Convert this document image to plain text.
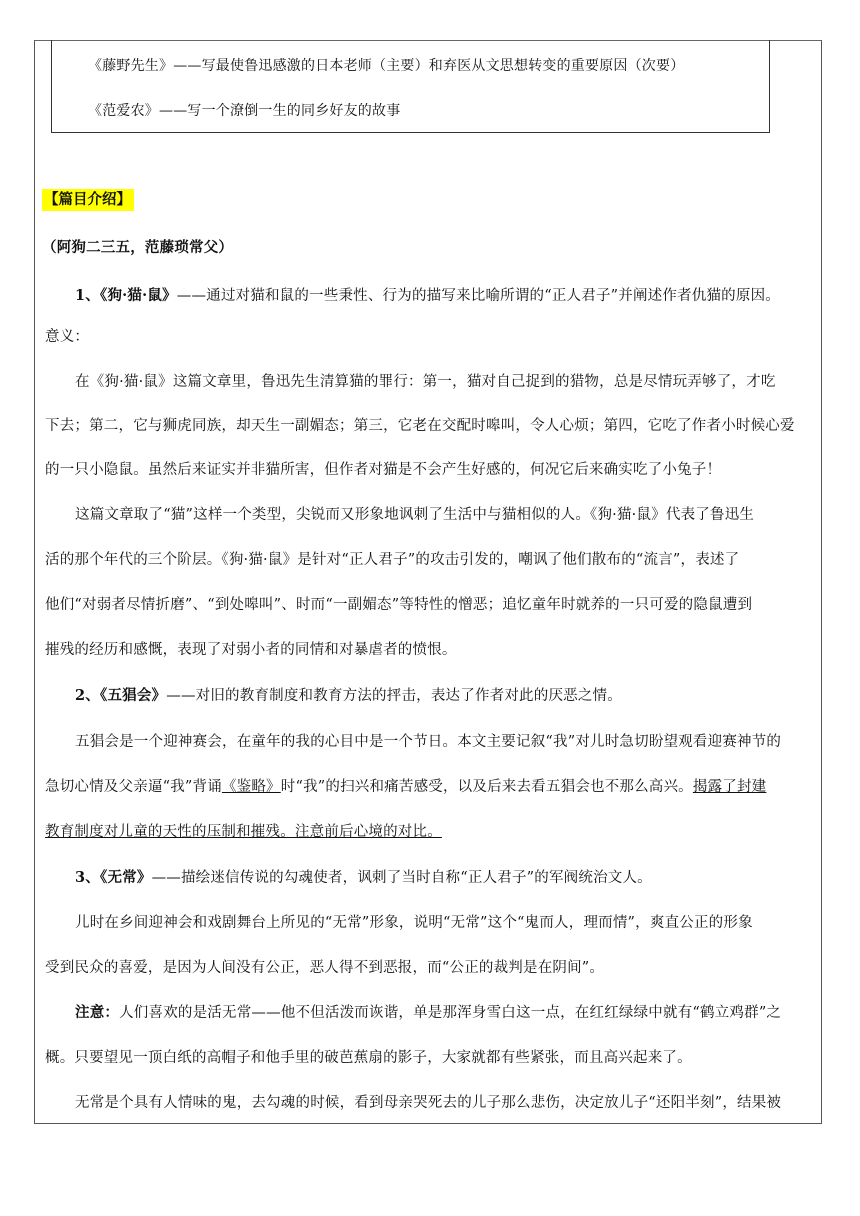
《藤野先生》——写最使鲁迅感激的日本老师（主要）和弃医从文思想转变的重要原因（次要）
《范爱农》——写一个潦倒一生的同乡好友的故事
【篇目介绍】
（阿狗二三五，范藤琐常父）
1、《狗·猫·鼠》——通过对猫和鼠的一些秉性、行为的描写来比喻所谓的“正人君子”并阐述作者仇猫的原因。
意义：
在《狗·猫·鼠》这篇文章里，鲁迅先生清算猫的罪行：第一，猫对自己捉到的猎物，总是尽情玩弄够了，才吃
下去；第二，它与狮虎同族，却天生一副媚态；第三，它老在交配时嗥叫，令人心烦；第四，它吃了作者小时候心爱
的一只小隐鼠。虽然后来证实并非猫所害，但作者对猫是不会产生好感的，何况它后来确实吃了小兔子！
这篇文章取了“猫”这样一个类型，尖锐而又形象地讽刺了生活中与猫相似的人。《狗·猫·鼠》代表了鲁迅生
活的那个年代的三个阶层。《狗·猫·鼠》是针对“正人君子”的攻击引发的，嘲讽了他们散布的“流言”，表述了
他们“对弱者尽情折磨”、“到处嗥叫”、时而“一副媚态”等特性的憎恶；追忆童年时就养的一只可爱的隐鼠遭到
摧残的经历和感慨，表现了对弱小者的同情和对暴虐者的愤恨。
2、《五猖会》——对旧的教育制度和教育方法的抨击，表达了作者对此的厌恶之情。
五猖会是一个迎神赛会，在童年的我的心目中是一个节日。本文主要记叙“我”对儿时急切盼望观看迎赛神节的
急切心情及父亲逼“我”背诵《鉴略》时“我”的扫兴和痛苦感受，以及后来去看五猖会也不那么高兴。揭露了封建
教育制度对儿童的天性的压制和摧残。注意前后心境的对比。
3、《无常》——描绘迷信传说的勾魂使者，讽刺了当时自称“正人君子”的军阀统治文人。
儿时在乡间迎神会和戏剧舞台上所见的“无常”形象，说明“无常”这个“鬼而人，理而情”，爽直公正的形象
受到民众的喜爱，是因为人间没有公正，恶人得不到恶报，而“公正的裁判是在阴间”。
注意：人们喜欢的是活无常——他不但活泼而诙谐，单是那浑身雪白这一点，在红红绿绿中就有“鹤立鸡群”之
概。只要望见一顶白纸的高帽子和他手里的破芭蕉扇的影子，大家就都有些紧张，而且高兴起来了。
无常是个具有人情味的鬼，去勾魂的时候，看到母亲哭死去的儿子那么悲伤，决定放儿子“还阳半刻”，结果被
